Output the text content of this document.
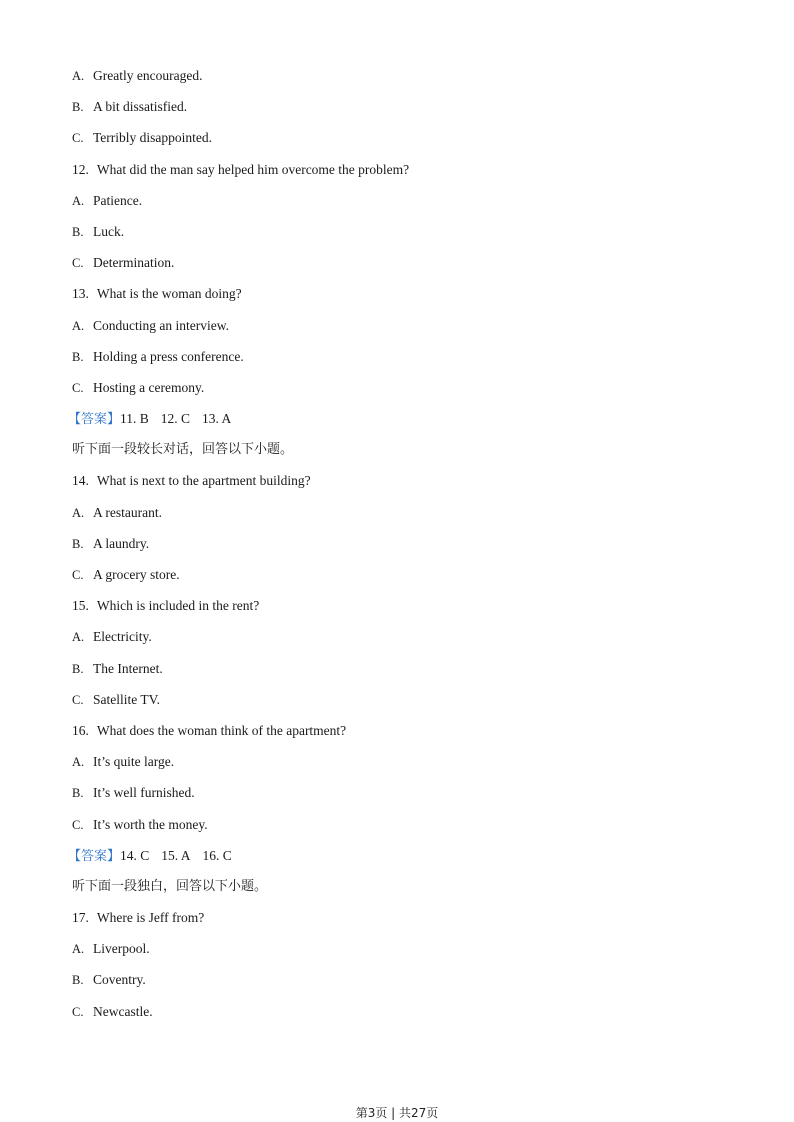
A. Greatly encouraged.
B. A bit dissatisfied.
C. Terribly disappointed.
12. What did the man say helped him overcome the problem?
A. Patience.
B. Luck.
C. Determination.
13. What is the woman doing?
A. Conducting an interview.
B. Holding a press conference.
C. Hosting a ceremony.
【答案】11. B 12. C 13. A
听下面一段较长对话，回答以下小题。
14. What is next to the apartment building?
A. A restaurant.
B. A laundry.
C. A grocery store.
15. Which is included in the rent?
A. Electricity.
B. The Internet.
C. Satellite TV.
16. What does the woman think of the apartment?
A. It’s quite large.
B. It’s well furnished.
C. It’s worth the money.
【答案】14. C 15. A 16. C
听下面一段独白，回答以下小题。
17. Where is Jeff from?
A. Liverpool.
B. Coventry.
C. Newcastle.
第3页 | 共27页
